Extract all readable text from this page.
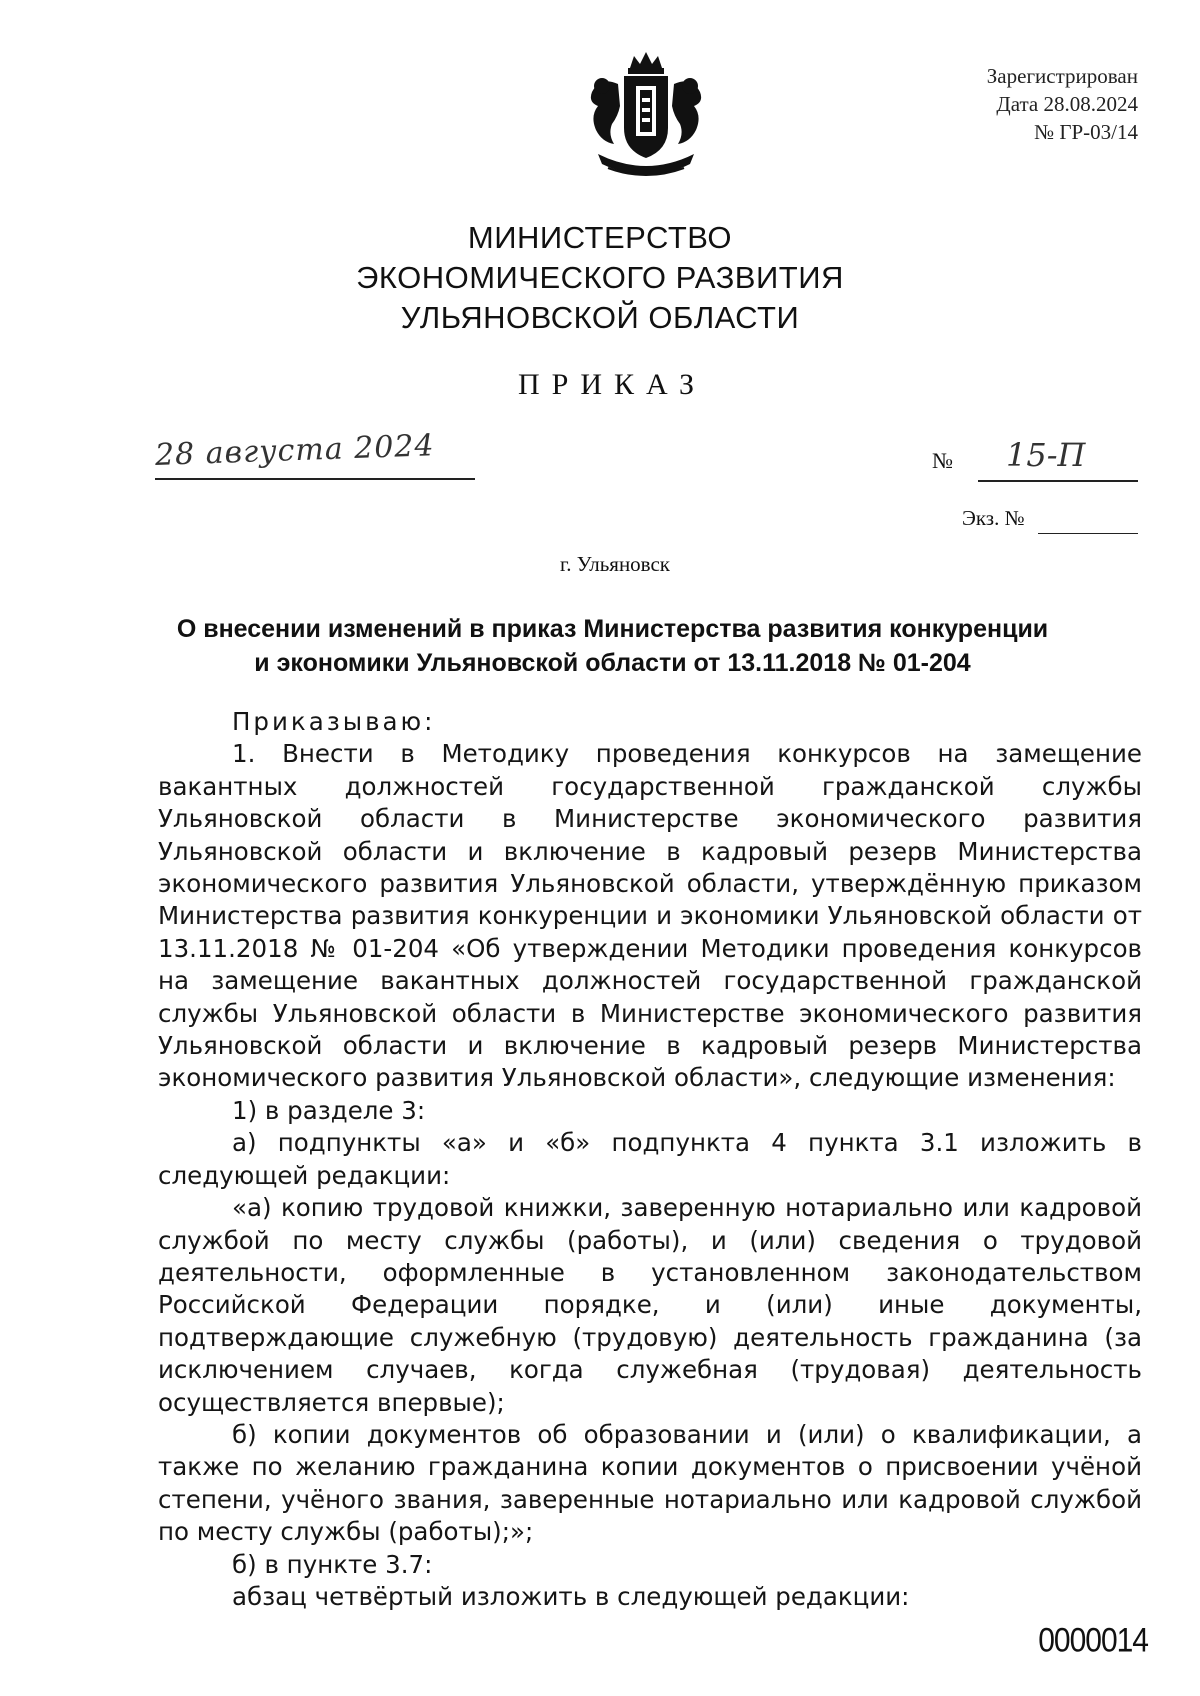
Зарегистрирован
Дата 28.08.2024
№ ГР-03/14
МИНИСТЕРСТВО
ЭКОНОМИЧЕСКОГО РАЗВИТИЯ
УЛЬЯНОВСКОЙ ОБЛАСТИ
ПРИКАЗ
28 августа 2024	№ 15-П
Экз. №
г. Ульяновск
О внесении изменений в приказ Министерства развития конкуренции
и экономики Ульяновской области от 13.11.2018 № 01-204

Приказываю:

1. Внести в Методику проведения конкурсов на замещение вакантных должностей государственной гражданской службы Ульяновской области в Министерстве экономического развития Ульяновской области и включение в кадровый резерв Министерства экономического развития Ульяновской области, утверждённую приказом Министерства развития конкуренции и экономики Ульяновской области от 13.11.2018 № 01-204 «Об утверждении Методики проведения конкурсов на замещение вакантных должностей государственной гражданской службы Ульяновской области в Министерстве экономического развития Ульяновской области и включение в кадровый резерв Министерства экономического развития Ульяновской области», следующие изменения:

1) в разделе 3:

а) подпункты «а» и «б» подпункта 4 пункта 3.1 изложить в следующей редакции:

«а) копию трудовой книжки, заверенную нотариально или кадровой службой по месту службы (работы), и (или) сведения о трудовой деятельности, оформленные в установленном законодательством Российской Федерации порядке, и (или) иные документы, подтверждающие служебную (трудовую) деятельность гражданина (за исключением случаев, когда служебная (трудовая) деятельность осуществляется впервые);

б) копии документов об образовании и (или) о квалификации, а также по желанию гражданина копии документов о присвоении учёной степени, учёного звания, заверенные нотариально или кадровой службой по месту службы (работы);»;

б) в пункте 3.7:

абзац четвёртый изложить в следующей редакции:

0000014
